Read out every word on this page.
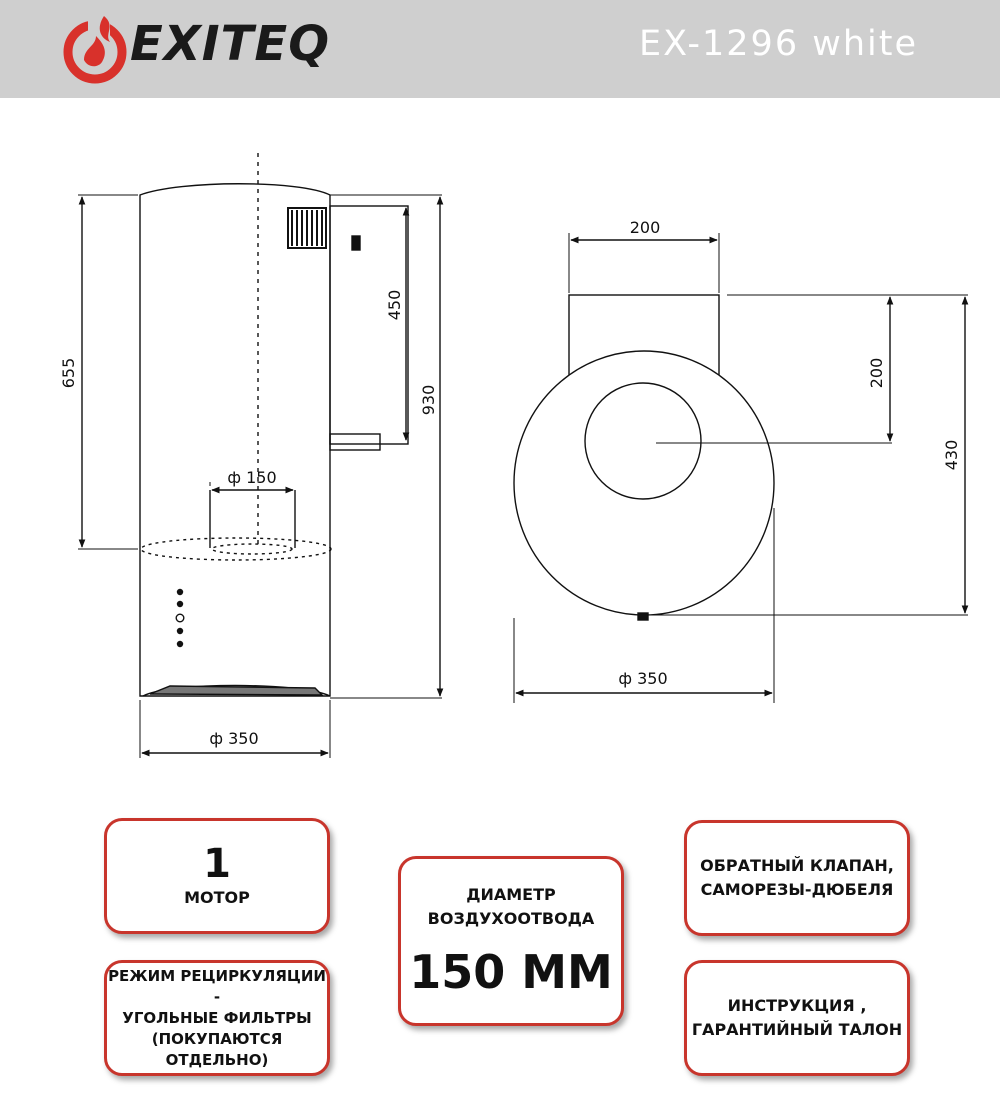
EXITEQ	EX-1296 white
655
450
930
ф 150
ф 350
200
200
430
ф 350
1
МОТОР
РЕЖИМ РЕЦИРКУЛЯЦИИ -
УГОЛЬНЫЕ ФИЛЬТРЫ
(ПОКУПАЮТСЯ ОТДЕЛЬНО)
ДИАМЕТР
ВОЗДУХООТВОДА
150 ММ
ОБРАТНЫЙ КЛАПАН,
САМОРЕЗЫ-ДЮБЕЛЯ
ИНСТРУКЦИЯ ,
ГАРАНТИЙНЫЙ ТАЛОН
